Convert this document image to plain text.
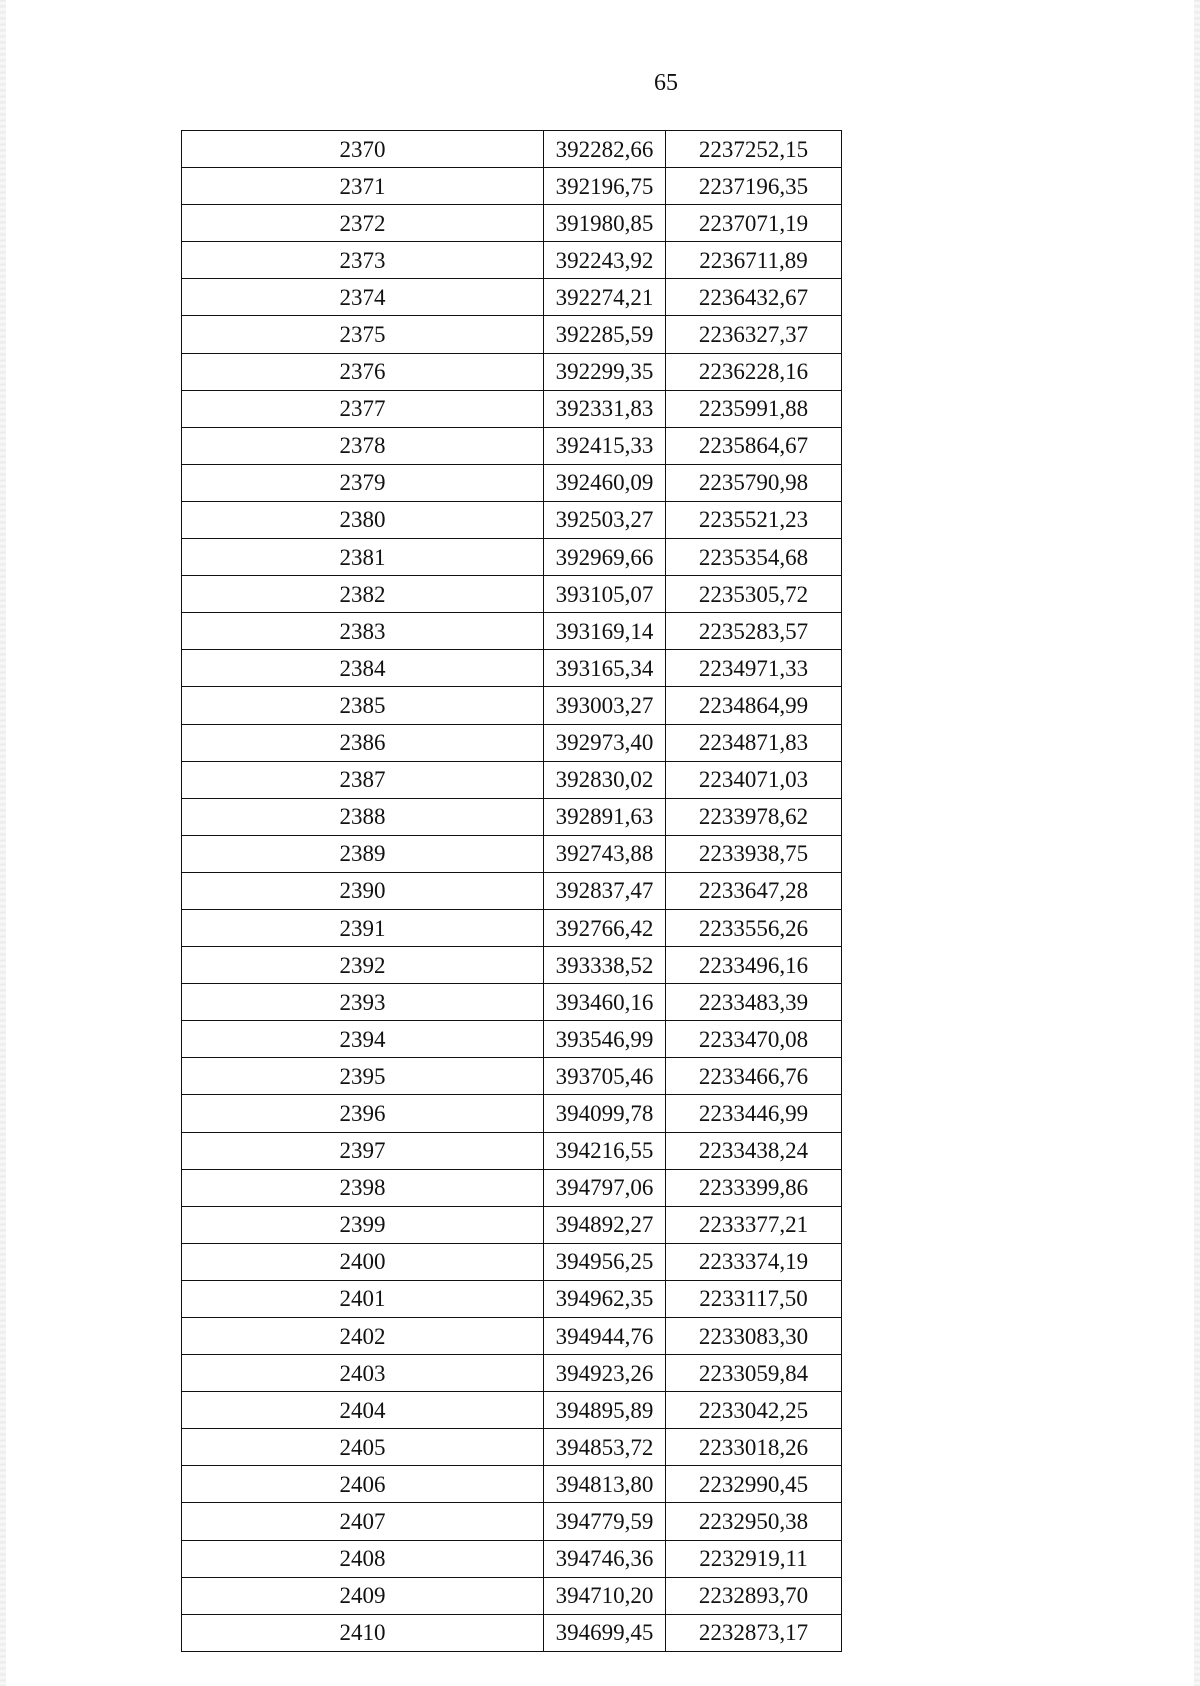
65
2370	392282,66	2237252,15
2371	392196,75	2237196,35
2372	391980,85	2237071,19
2373	392243,92	2236711,89
2374	392274,21	2236432,67
2375	392285,59	2236327,37
2376	392299,35	2236228,16
2377	392331,83	2235991,88
2378	392415,33	2235864,67
2379	392460,09	2235790,98
2380	392503,27	2235521,23
2381	392969,66	2235354,68
2382	393105,07	2235305,72
2383	393169,14	2235283,57
2384	393165,34	2234971,33
2385	393003,27	2234864,99
2386	392973,40	2234871,83
2387	392830,02	2234071,03
2388	392891,63	2233978,62
2389	392743,88	2233938,75
2390	392837,47	2233647,28
2391	392766,42	2233556,26
2392	393338,52	2233496,16
2393	393460,16	2233483,39
2394	393546,99	2233470,08
2395	393705,46	2233466,76
2396	394099,78	2233446,99
2397	394216,55	2233438,24
2398	394797,06	2233399,86
2399	394892,27	2233377,21
2400	394956,25	2233374,19
2401	394962,35	2233117,50
2402	394944,76	2233083,30
2403	394923,26	2233059,84
2404	394895,89	2233042,25
2405	394853,72	2233018,26
2406	394813,80	2232990,45
2407	394779,59	2232950,38
2408	394746,36	2232919,11
2409	394710,20	2232893,70
2410	394699,45	2232873,17
